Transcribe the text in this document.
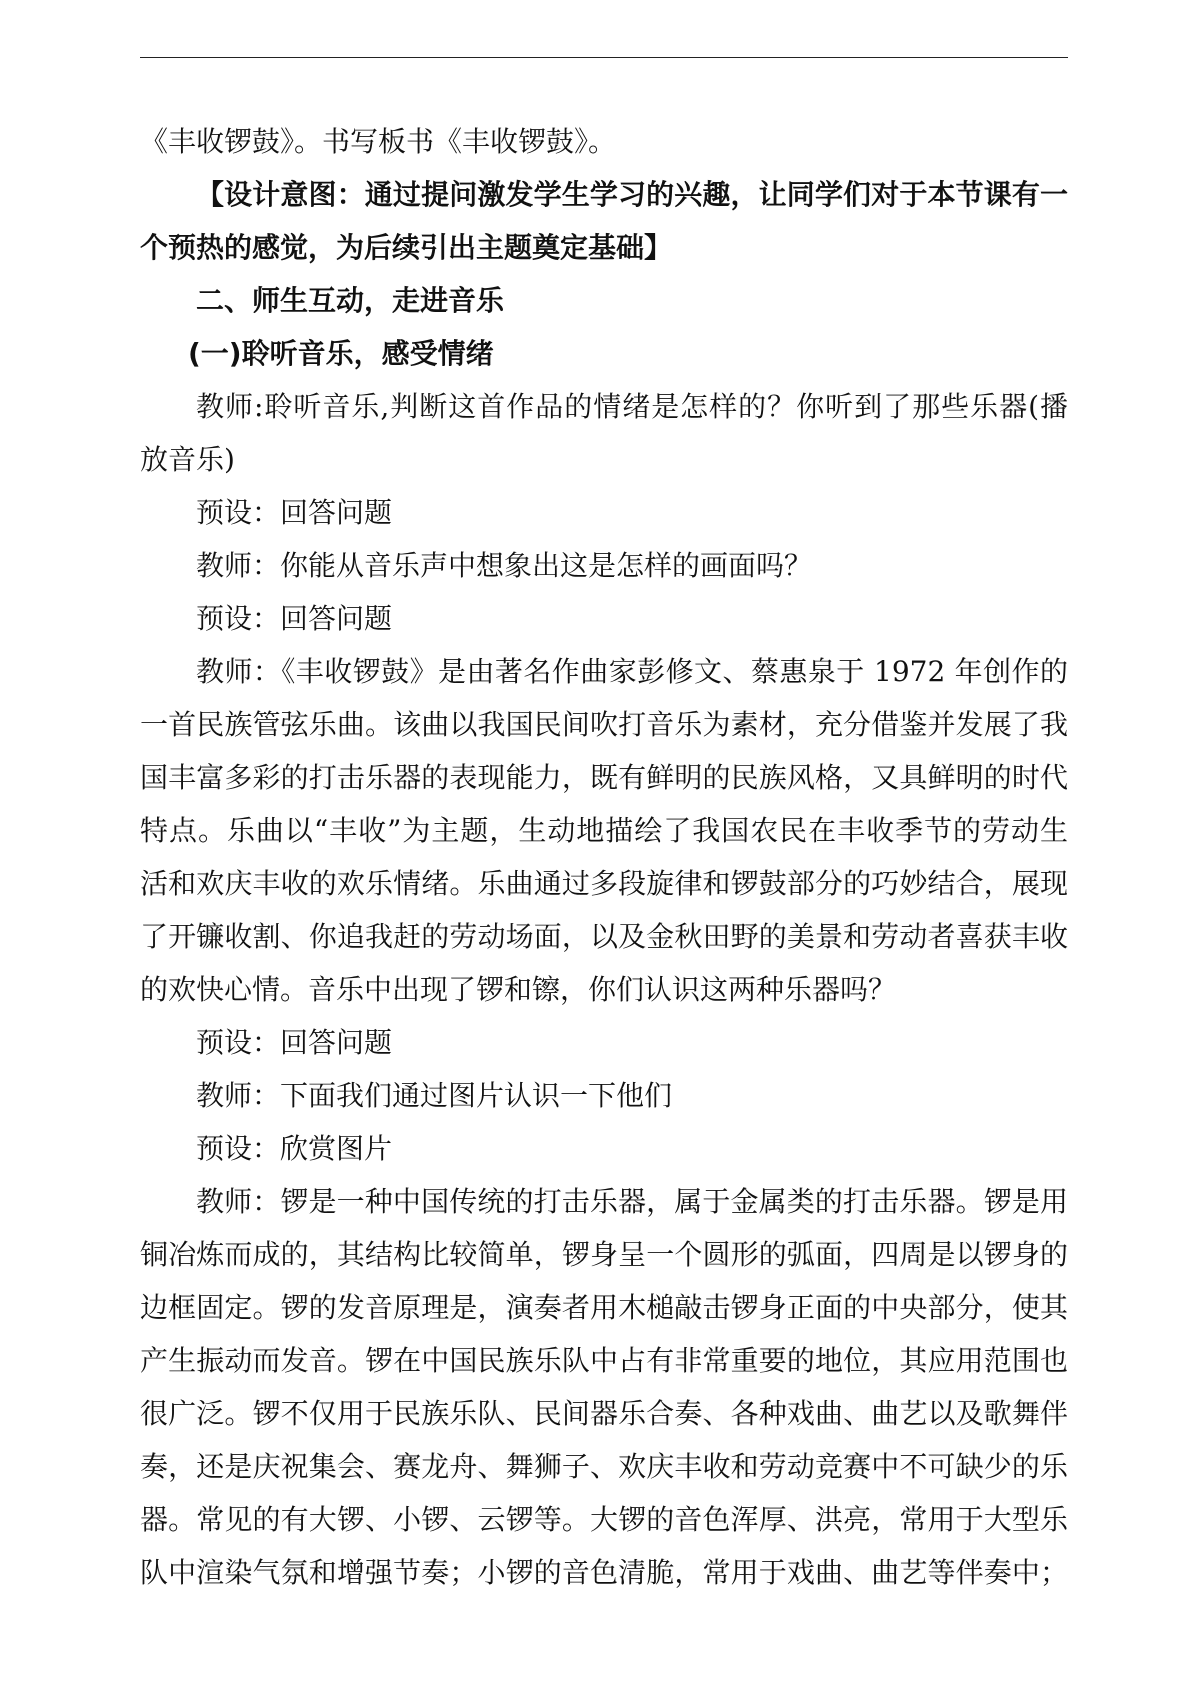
《丰收锣鼓》。书写板书《丰收锣鼓》。

【设计意图：通过提问激发学生学习的兴趣，让同学们对于本节课有一

个预热的感觉，为后续引出主题奠定基础】

二、师生互动，走进音乐

(一)聆听音乐，感受情绪

教师:聆听音乐,判断这首作品的情绪是怎样的？你听到了那些乐器(播

放音乐)

预设：回答问题

教师：你能从音乐声中想象出这是怎样的画面吗？

预设：回答问题

教师：《丰收锣鼓》是由著名作曲家彭修文、蔡惠泉于 1972 年创作的

一首民族管弦乐曲。该曲以我国民间吹打音乐为素材，充分借鉴并发展了我

国丰富多彩的打击乐器的表现能力，既有鲜明的民族风格，又具鲜明的时代

特点。乐曲以“丰收”为主题，生动地描绘了我国农民在丰收季节的劳动生

活和欢庆丰收的欢乐情绪。乐曲通过多段旋律和锣鼓部分的巧妙结合，展现

了开镰收割、你追我赶的劳动场面，以及金秋田野的美景和劳动者喜获丰收

的欢快心情。音乐中出现了锣和镲，你们认识这两种乐器吗？

预设：回答问题

教师：下面我们通过图片认识一下他们

预设：欣赏图片

教师：锣是一种中国传统的打击乐器，属于金属类的打击乐器。锣是用

铜冶炼而成的，其结构比较简单，锣身呈一个圆形的弧面，四周是以锣身的

边框固定。锣的发音原理是，演奏者用木槌敲击锣身正面的中央部分，使其

产生振动而发音。锣在中国民族乐队中占有非常重要的地位，其应用范围也

很广泛。锣不仅用于民族乐队、民间器乐合奏、各种戏曲、曲艺以及歌舞伴

奏，还是庆祝集会、赛龙舟、舞狮子、欢庆丰收和劳动竞赛中不可缺少的乐

器。常见的有大锣、小锣、云锣等。大锣的音色浑厚、洪亮，常用于大型乐

队中渲染气氛和增强节奏；小锣的音色清脆，常用于戏曲、曲艺等伴奏中；
